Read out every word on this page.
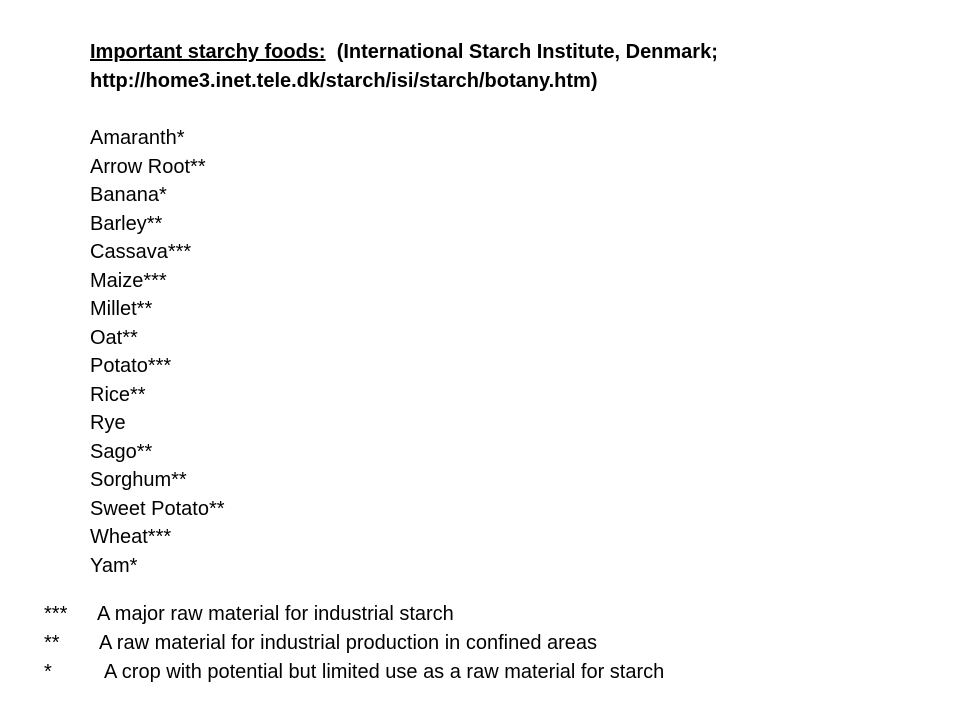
Important starchy foods: (International Starch Institute, Denmark;
http://home3.inet.tele.dk/starch/isi/starch/botany.htm)
Amaranth*
Arrow Root**
Banana*
Barley**
Cassava***
Maize***
Millet**
Oat**
Potato***
Rice**
Rye
Sago**
Sorghum**
Sweet Potato**
Wheat***
Yam*
*** A major raw material for industrial starch
** A raw material for industrial production in confined areas
*	A crop with potential but limited use as a raw material for starch
